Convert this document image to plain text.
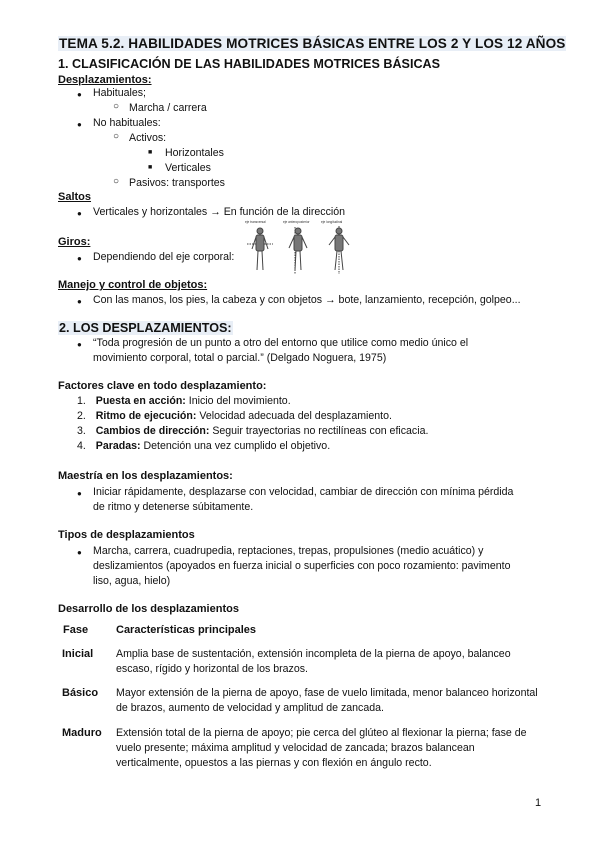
TEMA 5.2. HABILIDADES MOTRICES BÁSICAS ENTRE LOS 2 Y LOS 12 AÑOS
1. CLASIFICACIÓN DE LAS HABILIDADES MOTRICES BÁSICAS
Desplazamientos:
● Habituales;
○ Marcha / carrera
● No habituales:
○ Activos:
■ Horizontales
■ Verticales
○ Pasivos: transportes
Saltos
● Verticales y horizontales → En función de la dirección
Giros:
● Dependiendo del eje corporal:
eje transversal	eje anteroposterior	eje longitudinal
Manejo y control de objetos:
● Con las manos, los pies, la cabeza y con objetos → bote, lanzamiento, recepción, golpeo...
2. LOS DESPLAZAMIENTOS:
● “Toda progresión de un punto a otro del entorno que utilice como medio único el
movimiento corporal, total o parcial.” (Delgado Noguera, 1975)
Factores clave en todo desplazamiento:
1. Puesta en acción: Inicio del movimiento.
2. Ritmo de ejecución: Velocidad adecuada del desplazamiento.
3. Cambios de dirección: Seguir trayectorias no rectilíneas con eficacia.
4. Paradas: Detención una vez cumplido el objetivo.
Maestría en los desplazamientos:
● Iniciar rápidamente, desplazarse con velocidad, cambiar de dirección con mínima pérdida
de ritmo y detenerse súbitamente.
Tipos de desplazamientos
● Marcha, carrera, cuadrupedia, reptaciones, trepas, propulsiones (medio acuático) y
deslizamientos (apoyados en fuerza inicial o superficies con poco rozamiento: pavimento
liso, agua, hielo)
Desarrollo de los desplazamientos
Fase	Características principales
Inicial Amplia base de sustentación, extensión incompleta de la pierna de apoyo, balanceo
escaso, rígido y horizontal de los brazos.
Básico Mayor extensión de la pierna de apoyo, fase de vuelo limitada, menor balanceo horizontal
de brazos, aumento de velocidad y amplitud de zancada.
Maduro Extensión total de la pierna de apoyo; pie cerca del glúteo al flexionar la pierna; fase de
vuelo presente; máxima amplitud y velocidad de zancada; brazos balancean
verticalmente, opuestos a las piernas y con flexión en ángulo recto.
1
